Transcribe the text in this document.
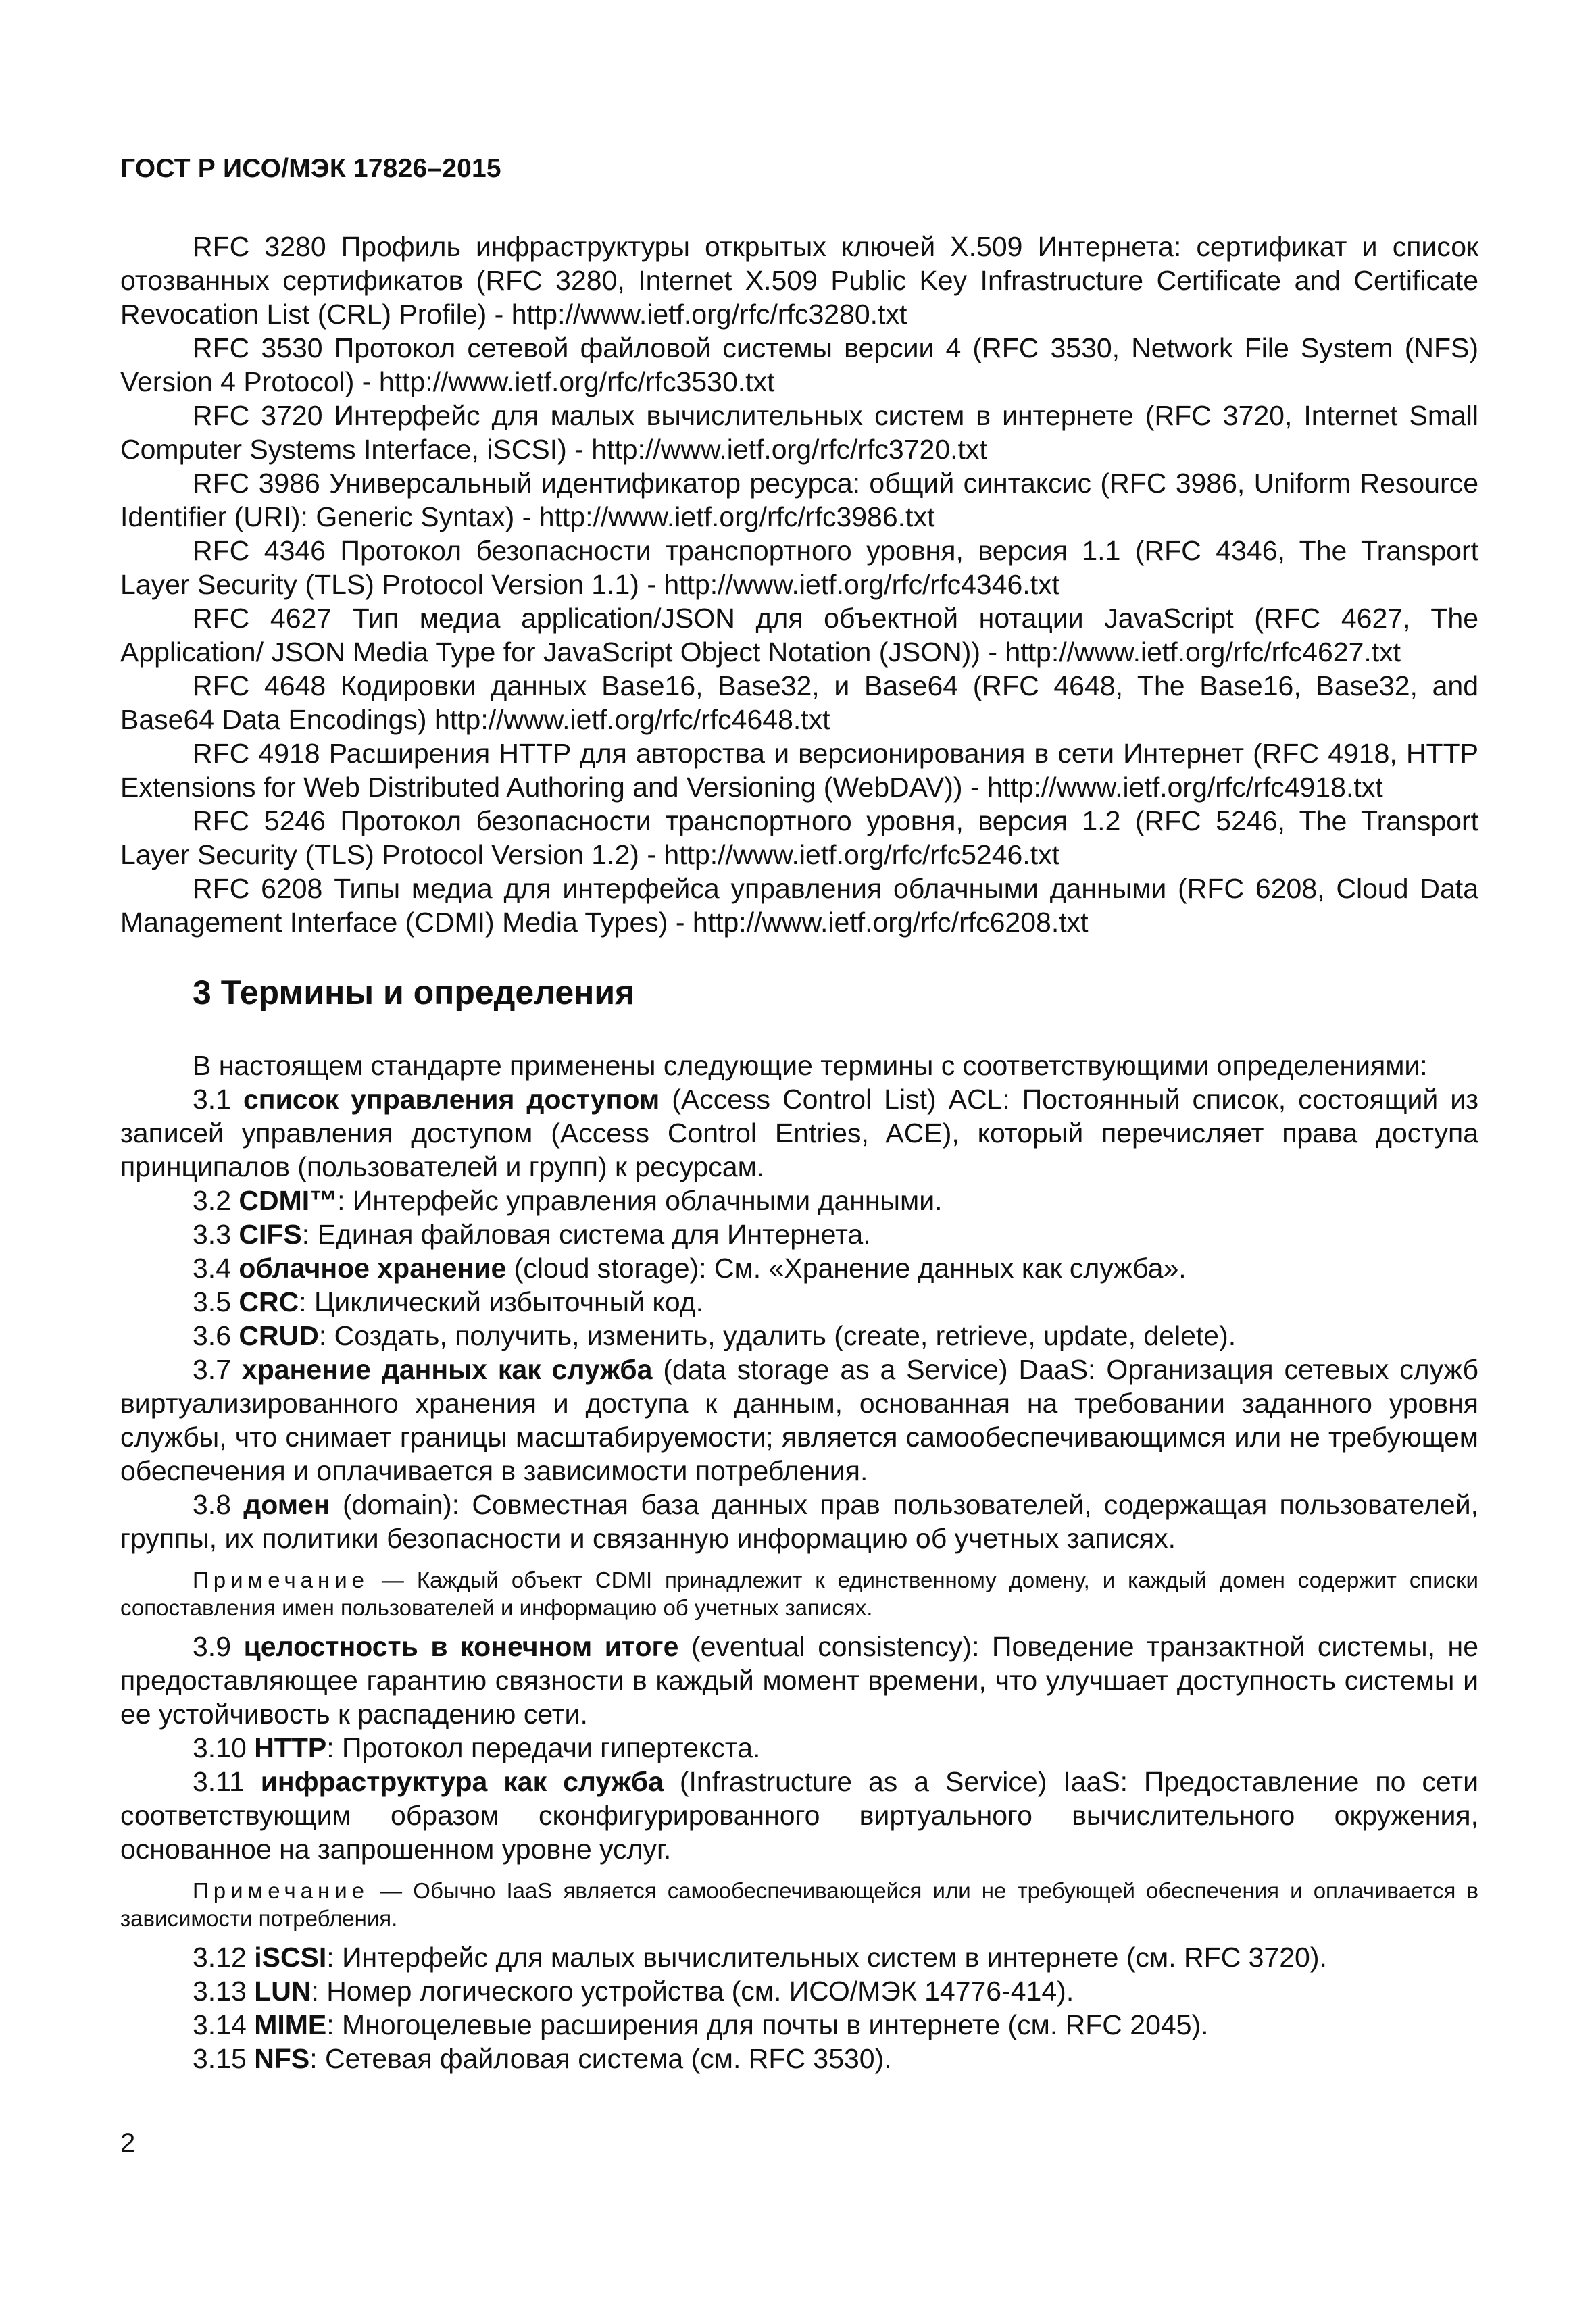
ГОСТ Р ИСО/МЭК 17826–2015

RFC 3280 Профиль инфраструктуры открытых ключей X.509 Интернета: сертификат и список отозванных сертификатов (RFC 3280, Internet X.509 Public Key Infrastructure Certificate and Certificate Revocation List (CRL) Profile) - http://www.ietf.org/rfc/rfc3280.txt

RFC 3530 Протокол сетевой файловой системы версии 4 (RFC 3530, Network File System (NFS) Version 4 Protocol) - http://www.ietf.org/rfc/rfc3530.txt

RFC 3720 Интерфейс для малых вычислительных систем в интернете (RFC 3720, Internet Small Computer Systems Interface, iSCSI) - http://www.ietf.org/rfc/rfc3720.txt

RFC 3986 Универсальный идентификатор ресурса: общий синтаксис (RFC 3986, Uniform Resource Identifier (URI): Generic Syntax) - http://www.ietf.org/rfc/rfc3986.txt

RFC 4346 Протокол безопасности транспортного уровня, версия 1.1 (RFC 4346, The Transport Layer Security (TLS) Protocol Version 1.1) - http://www.ietf.org/rfc/rfc4346.txt

RFC 4627 Тип медиа application/JSON для объектной нотации JavaScript (RFC 4627, The Application/ JSON Media Type for JavaScript Object Notation (JSON)) - http://www.ietf.org/rfc/rfc4627.txt

RFC 4648 Кодировки данных Base16, Base32, и Base64 (RFC 4648, The Base16, Base32, and Base64 Data Encodings) http://www.ietf.org/rfc/rfc4648.txt

RFC 4918 Расширения HTTP для авторства и версионирования в сети Интернет (RFC 4918, HTTP Extensions for Web Distributed Authoring and Versioning (WebDAV)) - http://www.ietf.org/rfc/rfc4918.txt

RFC 5246 Протокол безопасности транспортного уровня, версия 1.2 (RFC 5246, The Transport Layer Security (TLS) Protocol Version 1.2) - http://www.ietf.org/rfc/rfc5246.txt

RFC 6208 Типы медиа для интерфейса управления облачными данными (RFC 6208, Cloud Data Management Interface (CDMI) Media Types) - http://www.ietf.org/rfc/rfc6208.txt

3 Термины и определения

В настоящем стандарте применены следующие термины с соответствующими определениями:

3.1 список управления доступом (Access Control List) ACL: Постоянный список, состоящий из записей управления доступом (Access Control Entries, ACE), который перечисляет права доступа принципалов (пользователей и групп) к ресурсам.

3.2 CDMI™: Интерфейс управления облачными данными.

3.3 CIFS: Единая файловая система для Интернета.

3.4 облачное хранение (cloud storage): См. «Хранение данных как служба».

3.5 CRC: Циклический избыточный код.

3.6 CRUD: Создать, получить, изменить, удалить (create, retrieve, update, delete).

3.7 хранение данных как служба (data storage as a Service) DaaS: Организация сетевых служб виртуализированного хранения и доступа к данным, основанная на требовании заданного уровня службы, что снимает границы масштабируемости; является самообеспечивающимся или не требующем обеспечения и оплачивается в зависимости потребления.

3.8 домен (domain): Совместная база данных прав пользователей, содержащая пользователей, группы, их политики безопасности и связанную информацию об учетных записях.

Примечание — Каждый объект CDMI принадлежит к единственному домену, и каждый домен содержит списки сопоставления имен пользователей и информацию об учетных записях.

3.9 целостность в конечном итоге (eventual consistency): Поведение транзактной системы, не предоставляющее гарантию связности в каждый момент времени, что улучшает доступность системы и ее устойчивость к распадению сети.

3.10 HTTP: Протокол передачи гипертекста.

3.11 инфраструктура как служба (Infrastructure as a Service) IaaS: Предоставление по сети соответствующим образом сконфигурированного виртуального вычислительного окружения, основанное на запрошенном уровне услуг.

Примечание — Обычно IaaS является самообеспечивающейся или не требующей обеспечения и оплачивается в зависимости потребления.

3.12 iSCSI: Интерфейс для малых вычислительных систем в интернете (см. RFC 3720).

3.13 LUN: Номер логического устройства (см. ИСО/МЭК 14776-414).

3.14 MIME: Многоцелевые расширения для почты в интернете (см. RFC 2045).

3.15 NFS: Сетевая файловая система (см. RFC 3530).

2
